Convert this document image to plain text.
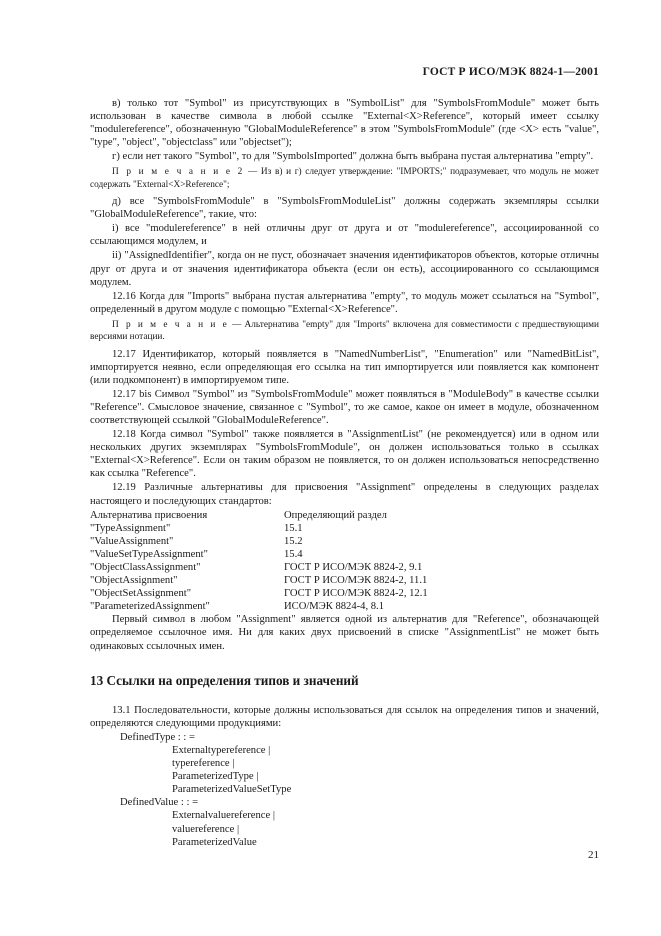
ГОСТ Р ИСО/МЭК 8824-1—2001

в) только тот "Symbol" из присутствующих в "SymbolList" для "SymbolsFromModule" может быть использован в качестве символа в любой ссылке "External<X>Reference", который имеет ссылку "modulereference", обозначенную "GlobalModuleReference" в этом "SymbolsFromModule" (где <X> есть "value", "type", "object", "objectclass" или "objectset");

г) если нет такого "Symbol", то для "SymbolsImported" должна быть выбрана пустая альтернатива "empty".

П р и м е ч а н и е 2 — Из в) и г) следует утверждение: "IMPORTS;" подразумевает, что модуль не может содержать "External<X>Reference";

д) все "SymbolsFromModule" в "SymbolsFromModuleList" должны содержать экземпляры ссылки "GlobalModuleReference", такие, что:

i) все "modulereference" в ней отличны друг от друга и от "modulereference", ассоциированной со ссылающимся модулем, и

ii) "AssignedIdentifier", когда он не пуст, обозначает значения идентификаторов объектов, которые отличны друг от друга и от значения идентификатора объекта (если он есть), ассоциированного со ссылающимся модулем.

12.16 Когда для "Imports" выбрана пустая альтернатива "empty", то модуль может ссылаться на "Symbol", определенный в другом модуле с помощью "External<X>Reference".

П р и м е ч а н и е — Альтернатива "empty" для "Imports" включена для совместимости с предшествующими версиями нотации.

12.17 Идентификатор, который появляется в "NamedNumberList", "Enumeration" или "NamedBitList", импортируется неявно, если определяющая его ссылка на тип импортируется или появляется как компонент (или подкомпонент) в импортируемом типе.

12.17 bis Символ "Symbol" из "SymbolsFromModule" может появляться в "ModuleBody" в качестве ссылки "Reference". Смысловое значение, связанное с "Symbol", то же самое, какое он имеет в модуле, обозначенном соответствующей ссылкой "GlobalModuleReference".

12.18 Когда символ "Symbol" также появляется в "AssignmentList" (не рекомендуется) или в одном или нескольких других экземплярах "SymbolsFromModule", он должен использоваться только в ссылках "External<X>Reference". Если он таким образом не появляется, то он должен использоваться непосредственно как ссылка "Reference".

12.19 Различные альтернативы для присвоения "Assignment" определены в следующих разделах настоящего и последующих стандартов:

Альтернатива присвоения	Определяющий раздел
"TypeAssignment"	15.1
"ValueAssignment"	15.2
"ValueSetTypeAssignment"	15.4
"ObjectClassAssignment"	ГОСТ Р ИСО/МЭК 8824-2, 9.1
"ObjectAssignment"	ГОСТ Р ИСО/МЭК 8824-2, 11.1
"ObjectSetAssignment"	ГОСТ Р ИСО/МЭК 8824-2, 12.1
"ParameterizedAssignment"	ИСО/МЭК 8824-4, 8.1

Первый символ в любом "Assignment" является одной из альтернатив для "Reference", обозначающей определяемое ссылочное имя. Ни для каких двух присвоений в списке "AssignmentList" не может быть одинаковых ссылочных имен.

13 Ссылки на определения типов и значений

13.1 Последовательности, которые должны использоваться для ссылок на определения типов и значений, определяются следующими продукциями:

DefinedType : : =
Externaltypereference |
typereference |
ParameterizedType |
ParameterizedValueSetType
DefinedValue : : =
Externalvaluereference |
valuereference |
ParameterizedValue
21
